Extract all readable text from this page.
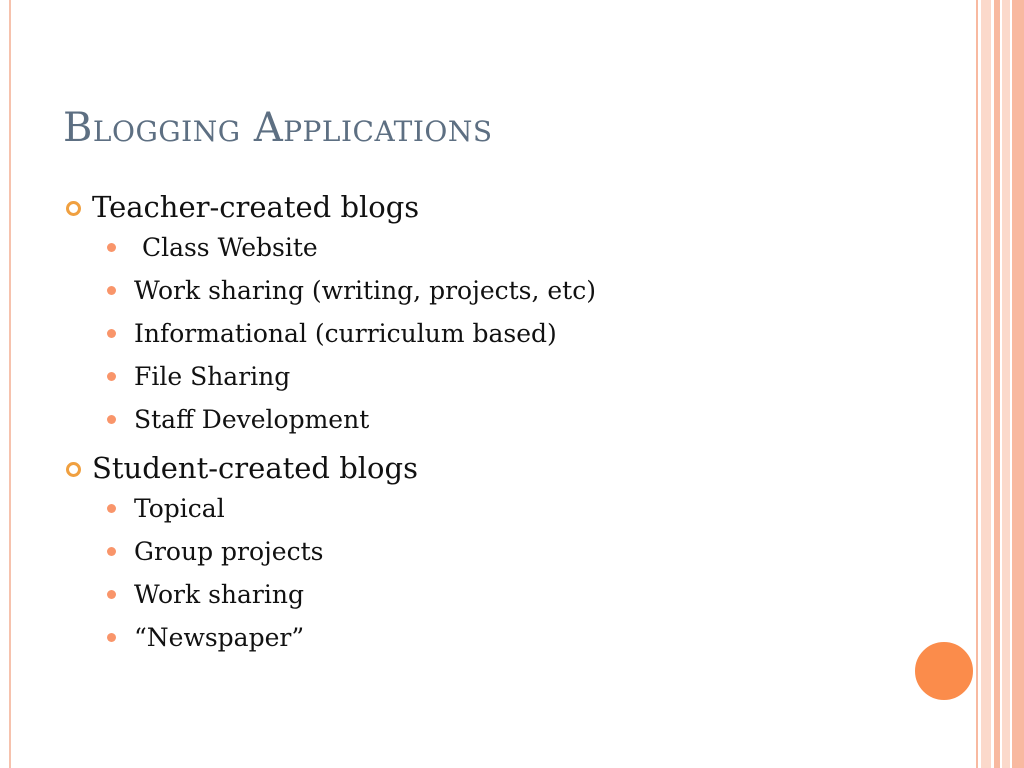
Blogging Applications
Teacher-created blogs
Class Website
Work sharing (writing, projects, etc)
Informational (curriculum based)
File Sharing
Staff Development
Student-created blogs
Topical
Group projects
Work sharing
“Newspaper”
